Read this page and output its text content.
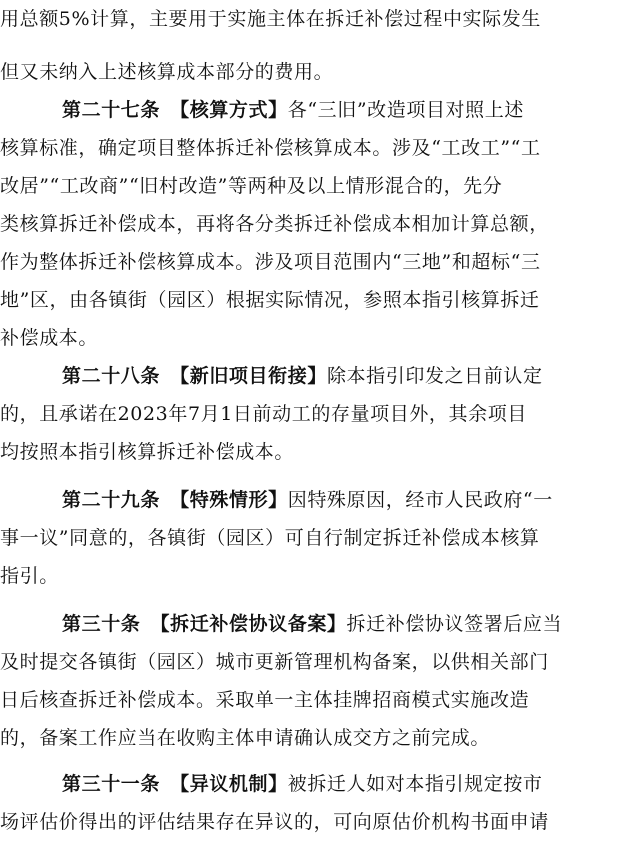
用总额5%计算，主要用于实施主体在拆迁补偿过程中实际发生
但又未纳入上述核算成本部分的费用。
第二十七条　 【核算方式】各“三旧”改造项目对照上述
核算标准，确定项目整体拆迁补偿核算成本。涉及“工改工”“工
改居”“工改商”“旧村改造”等两种及以上情形混合的，先分
类核算拆迁补偿成本，再将各分类拆迁补偿成本相加计算总额，
作为整体拆迁补偿核算成本。涉及项目范围内“三地”和超标“三
地”区，由各镇街（园区）根据实际情况，参照本指引核算拆迁
补偿成本。
第二十八条　 【新旧项目衔接】除本指引印发之日前认定
的，且承诺在2023年7月1日前动工的存量项目外，其余项目
均按照本指引核算拆迁补偿成本。
第二十九条　 【特殊情形】因特殊原因，经市人民政府“一
事一议”同意的，各镇街（园区）可自行制定拆迁补偿成本核算
指引。
第三十条　 【拆迁补偿协议备案】拆迁补偿协议签署后应当
及时提交各镇街（园区）城市更新管理机构备案，以供相关部门
日后核查拆迁补偿成本。采取单一主体挂牌招商模式实施改造
的，备案工作应当在收购主体申请确认成交方之前完成。
第三十一条　 【异议机制】被拆迁人如对本指引规定按市
场评估价得出的评估结果存在异议的，可向原估价机构书面申请
